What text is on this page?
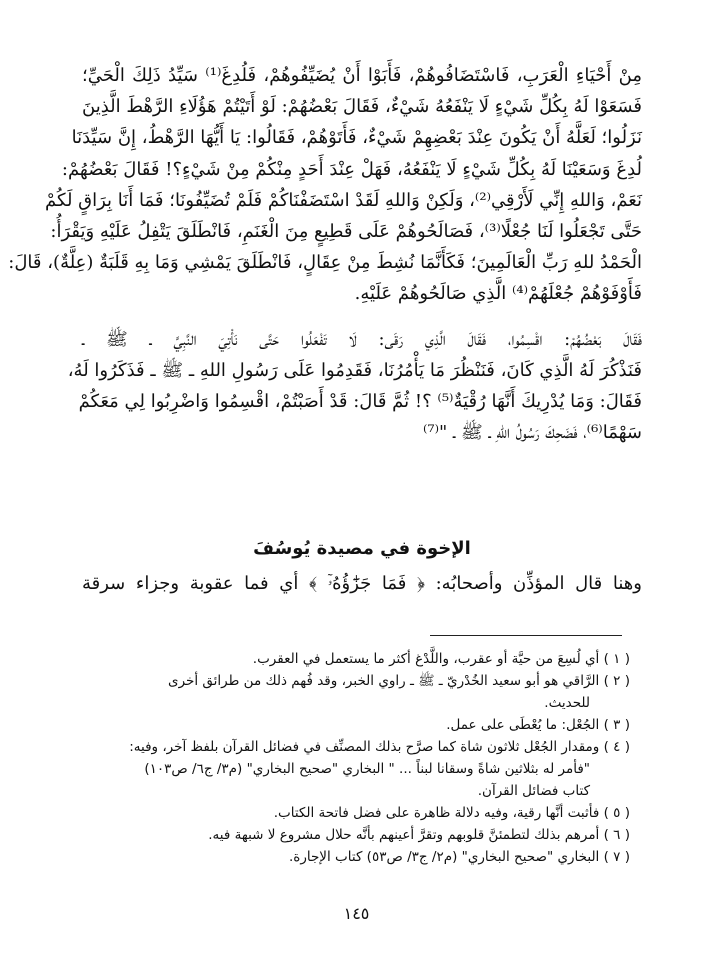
مِنْ أَحْيَاءِ الْعَرَبِ، فَاسْتَضَافُوهُمْ، فَأَبَوْا أَنْ يُضَيِّفُوهُمْ، فَلُدِغَ⁽¹⁾ سَيِّدُ ذَلِكَ الْحَيِّ؛
فَسَعَوْا لَهُ بِكُلِّ شَيْءٍ لَا يَنْفَعُهُ شَيْءٌ، فَقَالَ بَعْضُهُمْ: لَوْ أَتَيْتُمْ هَؤُلَاءِ الرَّهْطَ الَّذِينَ
نَزَلُوا؛ لَعَلَّهُ أَنْ يَكُونَ عِنْدَ بَعْضِهِمْ شَيْءٌ، فَأَتَوْهُمْ، فَقَالُوا: يَا أَيُّهَا الرَّهْطُ، إِنَّ سَيِّدَنَا
لُدِغَ وَسَعَيْنَا لَهُ بِكُلِّ شَيْءٍ لَا يَنْفَعُهُ، فَهَلْ عِنْدَ أَحَدٍ مِنْكُمْ مِنْ شَيْءٍ؟! فَقَالَ بَعْضُهُمْ:
نَعَمْ، وَاللهِ إِنِّي لَأَرْقِي⁽²⁾، وَلَكِنْ وَاللهِ لَقَدْ اسْتَضَفْنَاكُمْ فَلَمْ تُضَيِّفُونَا؛ فَمَا أَنَا بِرَاقٍ لَكُمْ
حَتَّى تَجْعَلُوا لَنَا جُعْلًا⁽³⁾، فَصَالَحُوهُمْ عَلَى قَطِيعٍ مِنَ الْغَنَمِ، فَانْطَلَقَ يَتْفِلُ عَلَيْهِ وَيَقْرَأُ:
الْحَمْدُ للهِ رَبِّ الْعَالَمِينَ؛ فَكَأَنَّمَا نُشِطَ مِنْ عِقَالٍ، فَانْطَلَقَ يَمْشِي وَمَا بِهِ قَلَبَةٌ (عِلَّةٌ)، قَالَ:
فَأَوْفَوْهُمْ جُعْلَهُمْ⁽⁴⁾ الَّذِي صَالَحُوهُمْ عَلَيْهِ.
فَقَالَ بَعْضُهُمْ: اقْسِمُوا، فَقَالَ الَّذِي رَقَى: لَا تَفْعَلُوا حَتَّى نَأْتِيَ النَّبِيَّ ـ ﷺ ـ
فَنَذْكُرَ لَهُ الَّذِي كَانَ، فَنَنْظُرَ مَا يَأْمُرُنَا، فَقَدِمُوا عَلَى رَسُولِ اللهِ ـ ﷺ ـ فَذَكَرُوا لَهُ،
فَقَالَ: وَمَا يُدْرِيكَ أَنَّهَا رُقْيَةٌ⁽⁵⁾ ؟! ثُمَّ قَالَ: قَدْ أَصَبْتُمْ، اقْسِمُوا وَاضْرِبُوا لِي مَعَكُمْ
سَهْمًا⁽⁶⁾، فَضَحِكَ رَسُولُ اللهِ ـ ﷺ ـ "⁽⁷⁾
الإخوة في مصيدة يُوسُفَ
وهنا قال المؤذِّن وأصحابُه: ﴿ فَمَا جَزَٰٓؤُهُۥٓ ﴾ أي فما عقوبة وجزاء سرقة
( ١ ) أي لُسِعَ من حيَّة أو عقرب، واللَّدْغ أكثر ما يستعمل في العقرب.
( ٢ ) الرَّاقي هو أبو سعيد الخُدْريّ ـ ﷺ ـ راوي الخبر، وقد فُهم ذلك من طرائق أخرى
للحديث.
( ٣ ) الجُعْل: ما يُعْطَى على عمل.
( ٤ ) ومقدار الجُعْل ثلاثون شاة كما صرَّح بذلك المصنِّف في فضائل القرآن بلفظ آخر، وفيه:
"فأمر له بثلاثين شاةً وسقانا لبناً ... " البخاري "صحيح البخاري" (م٣/ ج٦/ ص١٠٣)
كتاب فضائل القرآن.
( ٥ ) فأثبت أنَّها رقية، وفيه دلالة ظاهرة على فضل فاتحة الكتاب.
( ٦ ) أمرهم بذلك لتطمئنَّ قلوبهم وتقرَّ أعينهم بأنَّه حلال مشروع لا شبهة فيه.
( ٧ ) البخاري "صحيح البخاري" (م٢/ ج٣/ ص٥٣) كتاب الإجارة.
١٤٥
